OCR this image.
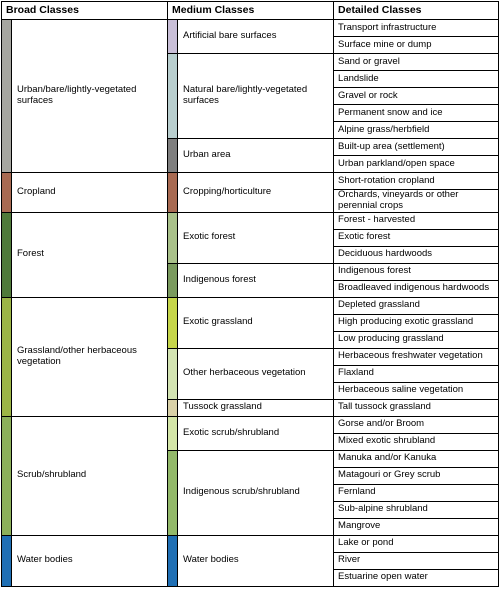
Broad Classes		Medium Classes		Detailed Classes
	Urban/bare/lightly-vegetated surfaces		Artificial bare surfaces	Transport infrastructure
				Surface mine or dump
			Natural bare/lightly-vegetated surfaces	Sand or gravel
				Landslide
				Gravel or rock
				Permanent snow and ice
				Alpine grass/herbfield
			Urban area	Built-up area (settlement)
				Urban parkland/open space
	Cropland		Cropping/horticulture	Short-rotation cropland
				Orchards, vineyards or other perennial crops
	Forest		Exotic forest	Forest - harvested
				Exotic forest
				Deciduous hardwoods
			Indigenous forest	Indigenous forest
				Broadleaved indigenous hardwoods
	Grassland/other herbaceous vegetation		Exotic grassland	Depleted grassland
				High producing exotic grassland
				Low producing grassland
			Other herbaceous vegetation	Herbaceous freshwater vegetation
				Flaxland
				Herbaceous saline vegetation
			Tussock grassland	Tall tussock grassland
	Scrub/shrubland		Exotic scrub/shrubland	Gorse and/or Broom
				Mixed exotic shrubland
			Indigenous scrub/shrubland	Manuka and/or Kanuka
				Matagouri or Grey scrub
				Fernland
				Sub-alpine shrubland
				Mangrove
	Water bodies		Water bodies	Lake or pond
				River
				Estuarine open water
